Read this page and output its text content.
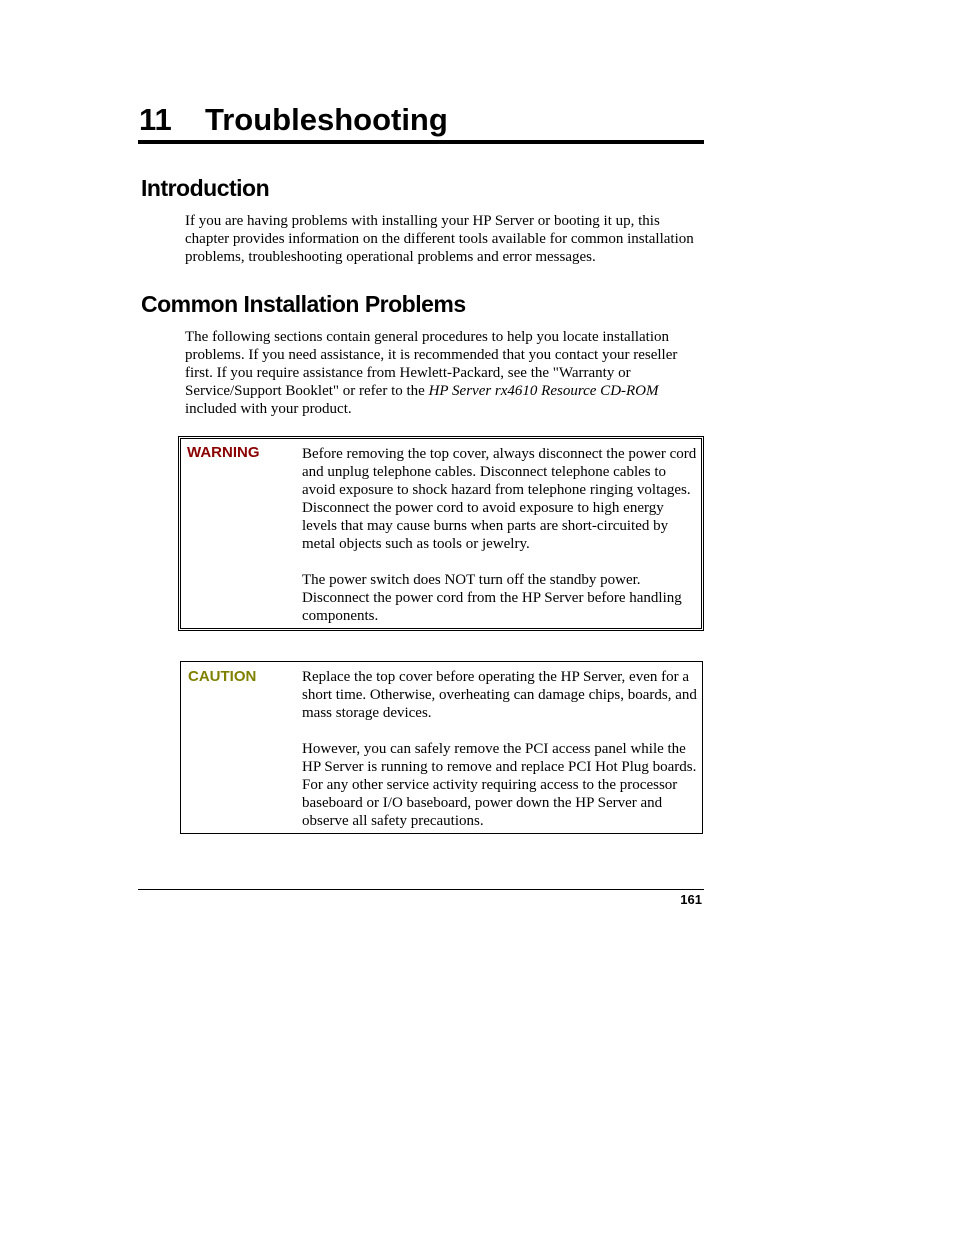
11 Troubleshooting
Introduction

If you are having problems with installing your HP Server or booting it up, this chapter provides information on the different tools available for common installation problems, troubleshooting operational problems and error messages.

Common Installation Problems

The following sections contain general procedures to help you locate installation problems. If you need assistance, it is recommended that you contact your reseller first. If you require assistance from Hewlett-Packard, see the "Warranty or Service/Support Booklet" or refer to the HP Server rx4610 Resource CD-ROM included with your product.

WARNING	Before removing the top cover, always disconnect the power cord and unplug telephone cables. Disconnect telephone cables to avoid exposure to shock hazard from telephone ringing voltages. Disconnect the power cord to avoid exposure to high energy levels that may cause burns when parts are short-circuited by metal objects such as tools or jewelry.

The power switch does NOT turn off the standby power. Disconnect the power cord from the HP Server before handling components.

CAUTION	Replace the top cover before operating the HP Server, even for a short time. Otherwise, overheating can damage chips, boards, and mass storage devices.

However, you can safely remove the PCI access panel while the HP Server is running to remove and replace PCI Hot Plug boards. For any other service activity requiring access to the processor baseboard or I/O baseboard, power down the HP Server and observe all safety precautions.

161
